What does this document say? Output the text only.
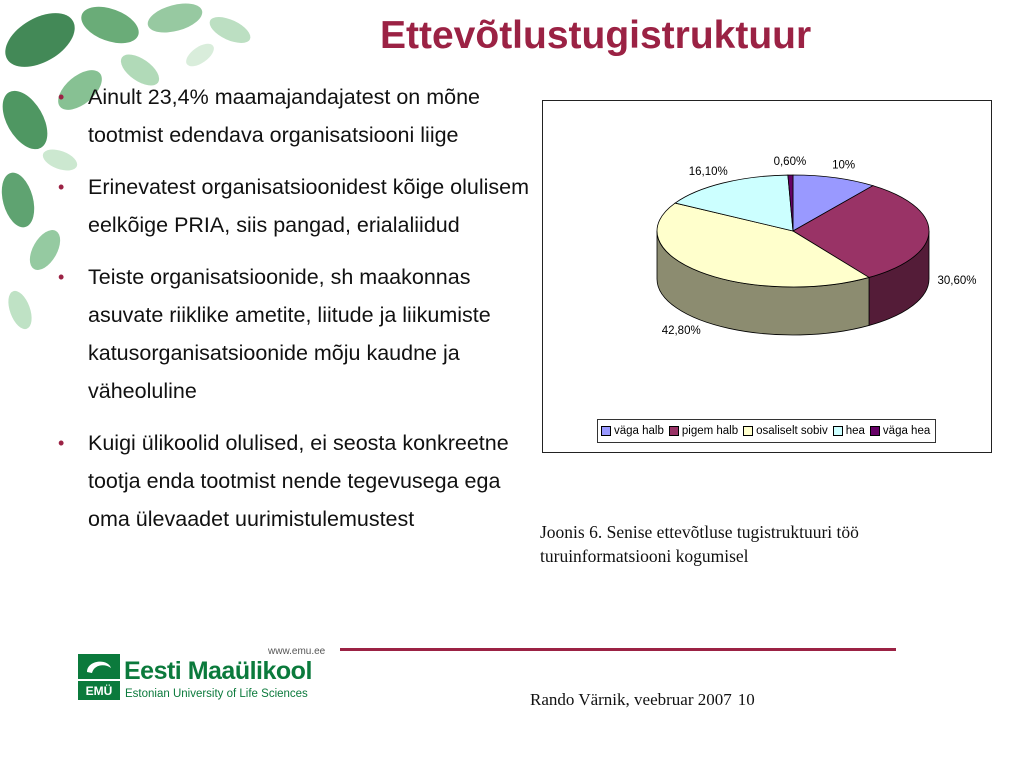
Ettevõtlustugistruktuur
• Ainult 23,4% maamajandajatest on mõne tootmist edendava organisatsiooni liige
• Erinevatest organisatsioonidest kõige olulisem eelkõige PRIA, siis pangad, erialaliidud
• Teiste organisatsioonide, sh maakonnas asuvate riiklike ametite, liitude ja liikumiste katusorganisatsioonide mõju kaudne ja väheoluline
• Kuigi ülikoolid olulised, ei seosta konkreetne tootja enda tootmist nende tegevusega ega oma ülevaadet uurimistulemustest
10%
30,60%
42,80%
16,10%
0,60%
väga halb pigem halb osaliselt sobiv hea väga hea
Joonis 6. Senise ettevõtluse tugistruktuuri töö turuinformatsiooni kogumisel
www.emu.ee
EMÜ
Eesti Maaülikool
Estonian University of Life Sciences	Rando Värnik, veebruar 2007 10
